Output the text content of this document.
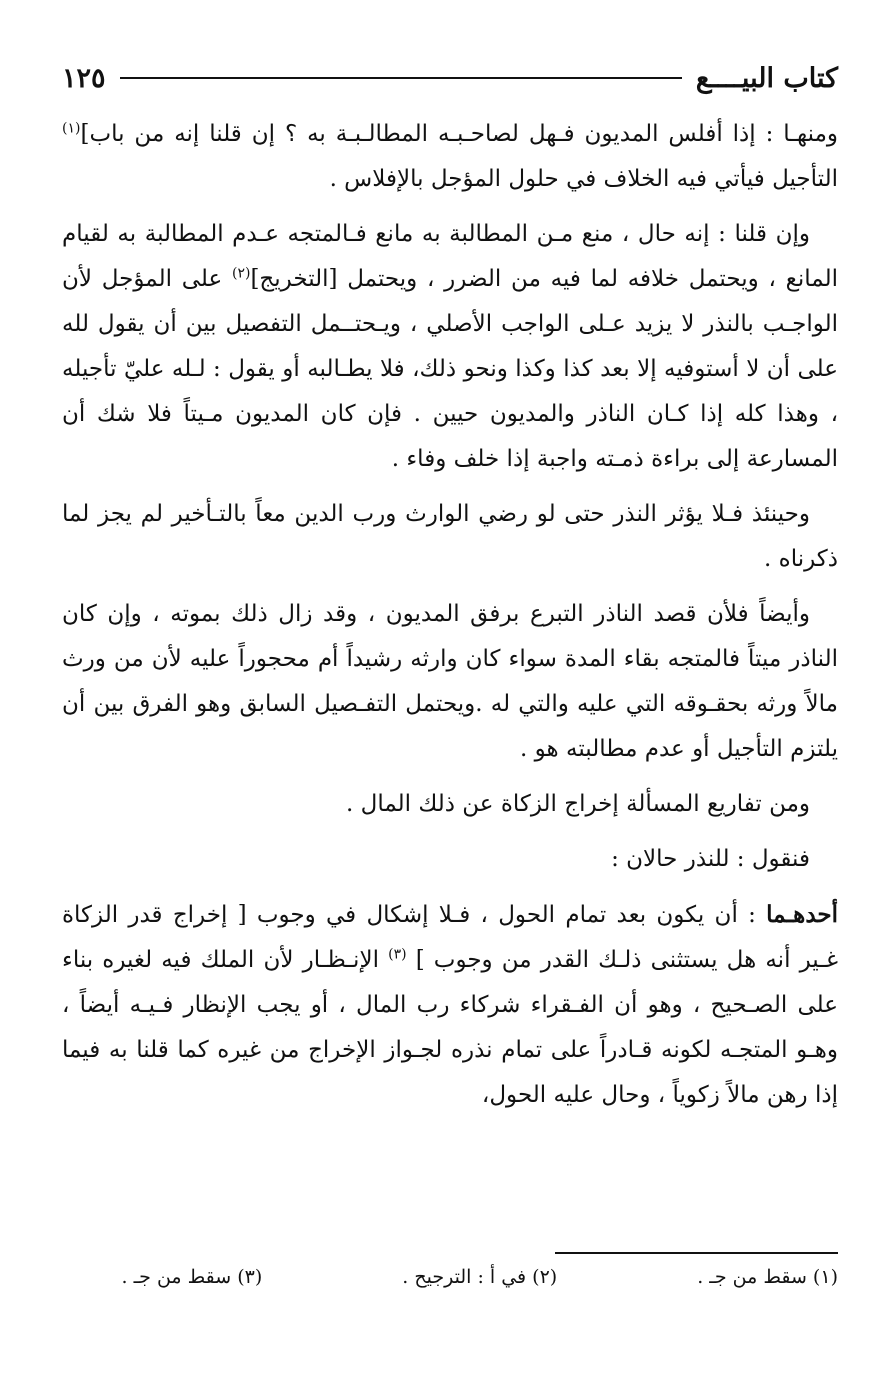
كتاب البيــــع
١٢٥

ومنهـا : إذا أفلس المديون فـهل لصاحـبـه المطالـبـة به ؟ إن قلنا إنه من باب]$^{(١)}$ التأجيل فيأتي فيه الخلاف في حلول المؤجل بالإفلاس .

وإن قلنا : إنه حال ، منع مـن المطالبة به مانع فـالمتجه عـدم المطالبة به لقيام المانع ، ويحتمل خلافه لما فيه من الضرر ، ويحتمل [التخريج]$^{(٢)}$ على المؤجل لأن الواجـب بالنذر لا يزيد عـلى الواجب الأصلي ، ويـحتــمل التفصيل بين أن يقول لله على أن لا أستوفيه إلا بعد كذا وكذا ونحو ذلك، فلا يطـالبه أو يقول : لـله عليّ تأجيله ، وهذا كله إذا كـان الناذر والمديون حيين . فإن كان المديون مـيتاً فلا شك أن المسارعة إلى براءة ذمـته واجبة إذا خلف وفاء .

وحينئذ فـلا يؤثر النذر حتى لو رضي الوارث ورب الدين معاً بالتـأخير لم يجز لما ذكرناه .

وأيضاً فلأن قصد الناذر التبرع برفق المديون ، وقد زال ذلك بموته ، وإن كان الناذر ميتاً فالمتجه بقاء المدة سواء كان وارثه رشيداً أم محجوراً عليه لأن من ورث مالاً ورثه بحقـوقه التي عليه والتي له .ويحتمل التفـصيل السابق وهو الفرق بين أن يلتزم التأجيل أو عدم مطالبته هو .

ومن تفاريع المسألة إخراج الزكاة عن ذلك المال .

فنقول : للنذر حالان :

أحدهـما : أن يكون بعد تمام الحول ، فـلا إشكال في وجوب [ إخراج قدر الزكاة غـير أنه هل يستثنى ذلـك القدر من وجوب ] $^{(٣)}$ الإنـظـار لأن الملك فيه لغيره بناء على الصـحيح ، وهو أن الفـقراء شركاء رب المال ، أو يجب الإنظار فـيـه أيضاً ، وهـو المتجـه لكونه قـادراً على تمام نذره لجـواز الإخراج من غيره كما قلنا به فيما إذا رهن مالاً زكوياً ، وحال عليه الحول،

(١) سقط من جـ .
(٢) في أ : الترجيح .
(٣) سقط من جـ .
